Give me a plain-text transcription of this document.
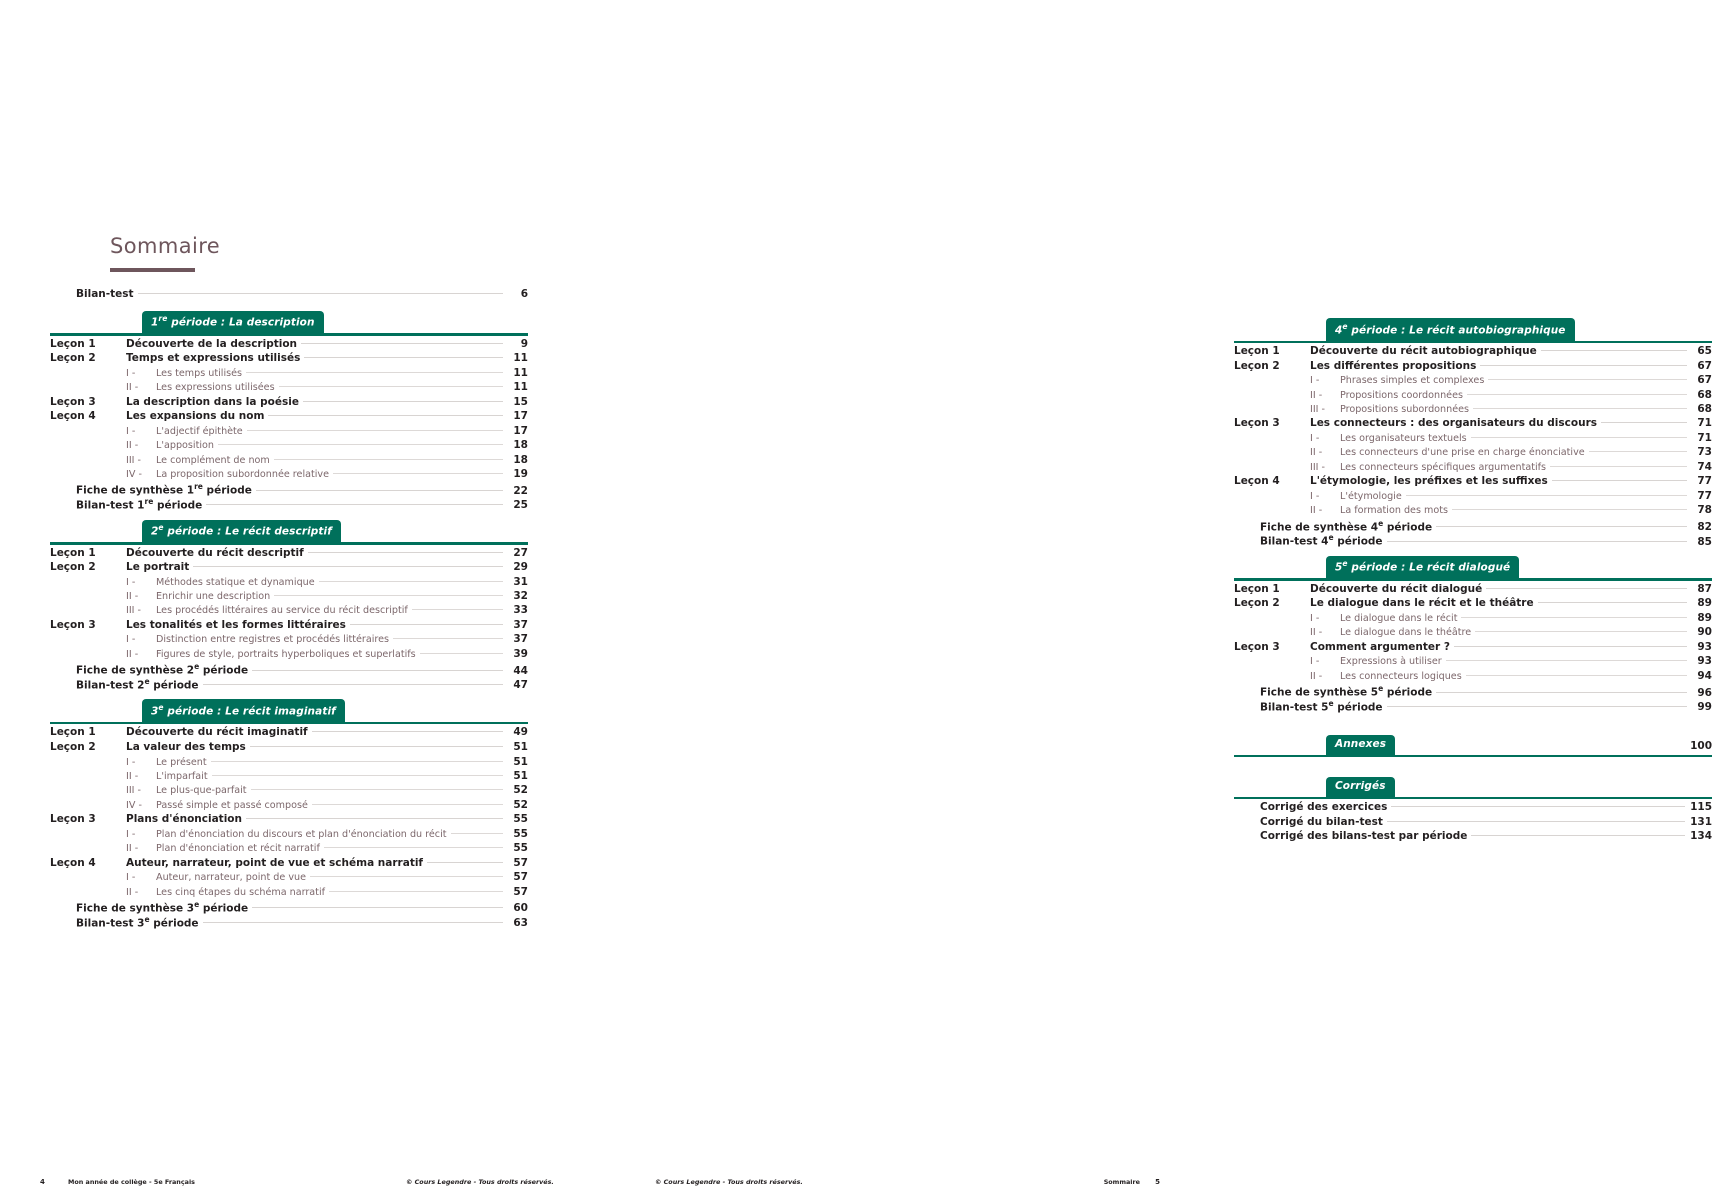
Sommaire
Bilan-test	6
1re période : La description
Leçon 1	Découverte de la description	9
Leçon 2	Temps et expressions utilisés	11
I -	Les temps utilisés	11
II -	Les expressions utilisées	11
Leçon 3	La description dans la poésie	15
Leçon 4	Les expansions du nom	17
I -	L'adjectif épithète	17
II -	L'apposition	18
III -	Le complément de nom	18
IV -	La proposition subordonnée relative	19
Fiche de synthèse 1re période	22
Bilan-test 1re période	25
2e période : Le récit descriptif
Leçon 1	Découverte du récit descriptif	27
Leçon 2	Le portrait	29
I -	Méthodes statique et dynamique	31
II -	Enrichir une description	32
III -	Les procédés littéraires au service du récit descriptif	33
Leçon 3	Les tonalités et les formes littéraires	37
I -	Distinction entre registres et procédés littéraires	37
II -	Figures de style, portraits hyperboliques et superlatifs	39
Fiche de synthèse 2e période	44
Bilan-test 2e période	47
3e période : Le récit imaginatif
Leçon 1	Découverte du récit imaginatif	49
Leçon 2	La valeur des temps	51
I -	Le présent	51
II -	L'imparfait	51
III -	Le plus-que-parfait	52
IV -	Passé simple et passé composé	52
Leçon 3	Plans d'énonciation	55
I -	Plan d'énonciation du discours et plan d'énonciation du récit	55
II -	Plan d'énonciation et récit narratif	55
Leçon 4	Auteur, narrateur, point de vue et schéma narratif	57
I -	Auteur, narrateur, point de vue	57
II -	Les cinq étapes du schéma narratif	57
Fiche de synthèse 3e période	60
Bilan-test 3e période	63
4	Mon année de collège - 5e Français	© Cours Legendre - Tous droits réservés.
4e période : Le récit autobiographique
Leçon 1	Découverte du récit autobiographique	65
Leçon 2	Les différentes propositions	67
I -	Phrases simples et complexes	67
II -	Propositions coordonnées	68
III -	Propositions subordonnées	68
Leçon 3	Les connecteurs : des organisateurs du discours	71
I -	Les organisateurs textuels	71
II -	Les connecteurs d'une prise en charge énonciative	73
III -	Les connecteurs spécifiques argumentatifs	74
Leçon 4	L'étymologie, les préfixes et les suffixes	77
I -	L'étymologie	77
II -	La formation des mots	78
Fiche de synthèse 4e période	82
Bilan-test 4e période	85
5e période : Le récit dialogué
Leçon 1	Découverte du récit dialogué	87
Leçon 2	Le dialogue dans le récit et le théâtre	89
I -	Le dialogue dans le récit	89
II -	Le dialogue dans le théâtre	90
Leçon 3	Comment argumenter ?	93
I -	Expressions à utiliser	93
II -	Les connecteurs logiques	94
Fiche de synthèse 5e période	96
Bilan-test 5e période	99
Annexes	100
Corrigés
Corrigé des exercices	115
Corrigé du bilan-test	131
Corrigé des bilans-test par période	134
© Cours Legendre - Tous droits réservés.	Sommaire 5
